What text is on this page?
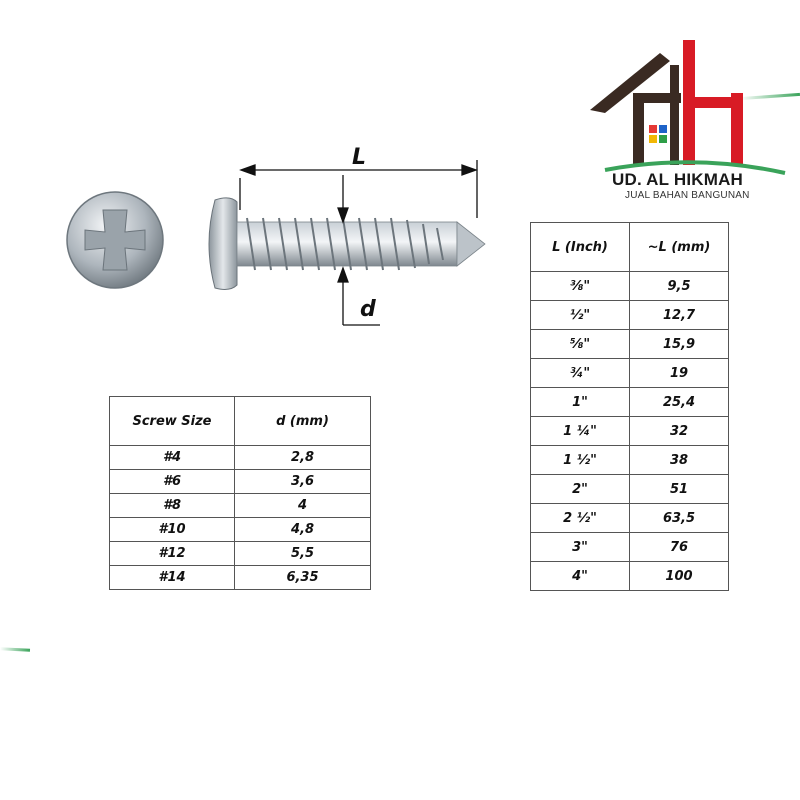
UD. AL HIKMAH
JUAL BAHAN BANGUNAN
L
d
Screw Size	d (mm)
#4	2,8
#6	3,6
#8	4
#10	4,8
#12	5,5
#14	6,35
L (Inch)	~L (mm)
⅜"	9,5
½"	12,7
⅝"	15,9
¾"	19
1"	25,4
1 ¼"	32
1 ½"	38
2"	51
2 ½"	63,5
3"	76
4"	100
